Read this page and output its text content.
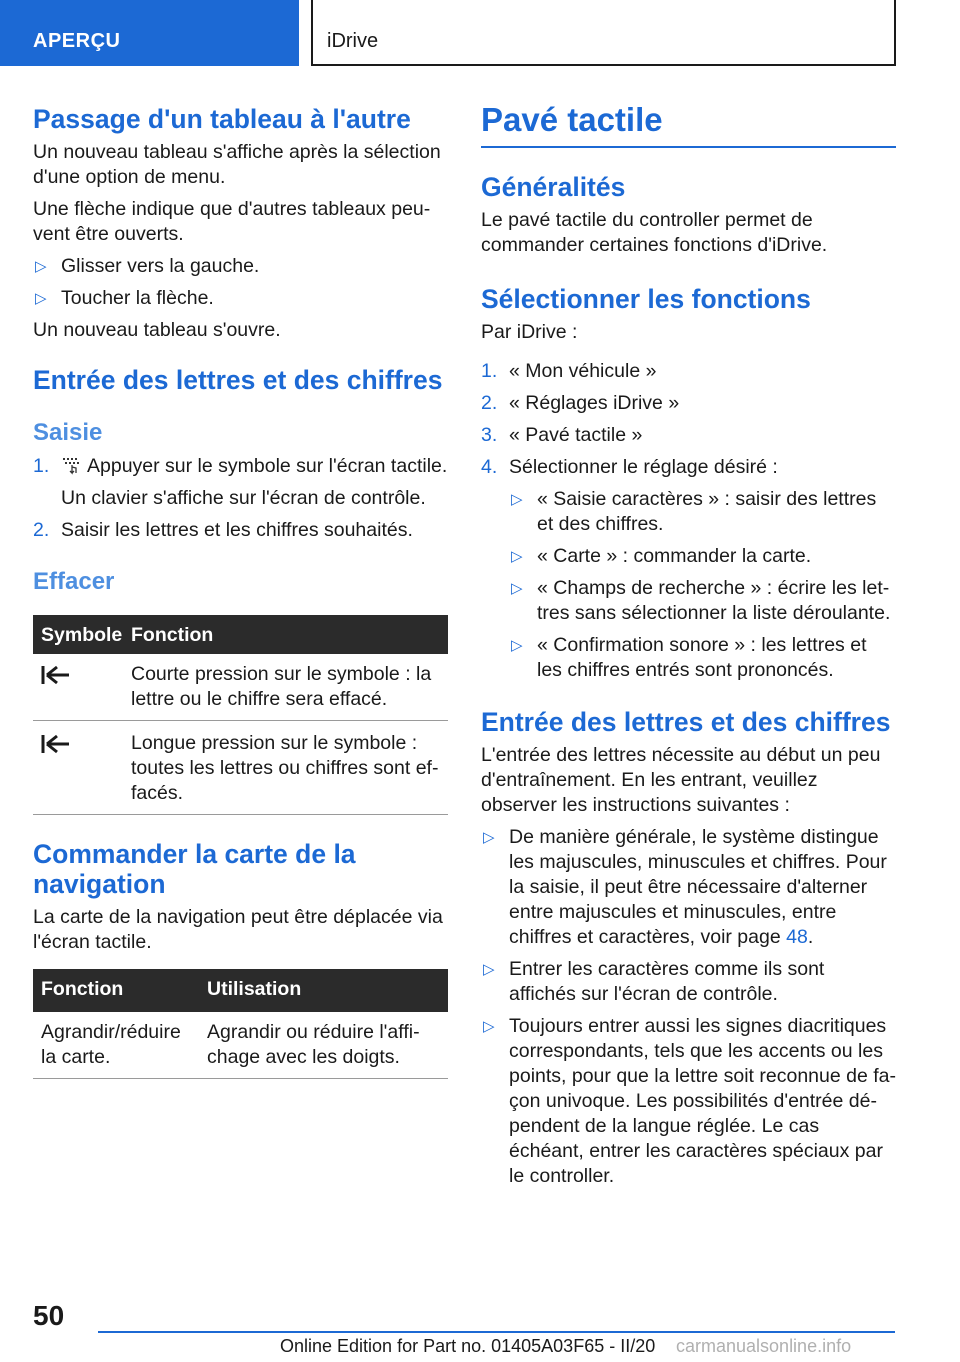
APERÇU	iDrive
Passage d'un tableau à l'autre

Un nouveau tableau s'affiche après la sélection d'une option de menu.

Une flèche indique que d'autres tableaux peuvent être ouverts.

▷ Glisser vers la gauche.
▷ Toucher la flèche.

Un nouveau tableau s'ouvre.

Entrée des lettres et des chiffres
Saisie
1. Appuyer sur le symbole sur l'écran tactile.

Un clavier s'affiche sur l'écran de contrôle.

2. Saisir les lettres et les chiffres souhaités.
Effacer
Symbole	Fonction
	Courte pression sur le symbole : la lettre ou le chiffre sera effacé.
	Longue pression sur le symbole : toutes les lettres ou chiffres sont effacés.
Commander la carte de la navigation

La carte de la navigation peut être déplacée via l'écran tactile.

Fonction	Utilisation
Agrandir/réduire la carte.	Agrandir ou réduire l'affichage avec les doigts.
Pavé tactile
Généralités

Le pavé tactile du controller permet de commander certaines fonctions d'iDrive.

Sélectionner les fonctions

Par iDrive :

1. « Mon véhicule »
2. « Réglages iDrive »
3. « Pavé tactile »
4. Sélectionner le réglage désiré :
▷ « Saisie caractères » : saisir des lettres et des chiffres.
▷ « Carte » : commander la carte.
▷ « Champs de recherche » : écrire les lettres sans sélectionner la liste déroulante.
▷ « Confirmation sonore » : les lettres et les chiffres entrés sont prononcés.
Entrée des lettres et des chiffres

L'entrée des lettres nécessite au début un peu d'entraînement. En les entrant, veuillez observer les instructions suivantes :

▷ De manière générale, le système distingue les majuscules, minuscules et chiffres. Pour la saisie, il peut être nécessaire d'alterner entre majuscules et minuscules, entre chiffres et caractères, voir page 48.
▷ Entrer les caractères comme ils sont affichés sur l'écran de contrôle.
▷ Toujours entrer aussi les signes diacritiques correspondants, tels que les accents ou les points, pour que la lettre soit reconnue de façon univoque. Les possibilités d'entrée dépendent de la langue réglée. Le cas échéant, entrer les caractères spéciaux par le controller.
50
Online Edition for Part no. 01405A03F65 - II/20 carmanualsonline.info
